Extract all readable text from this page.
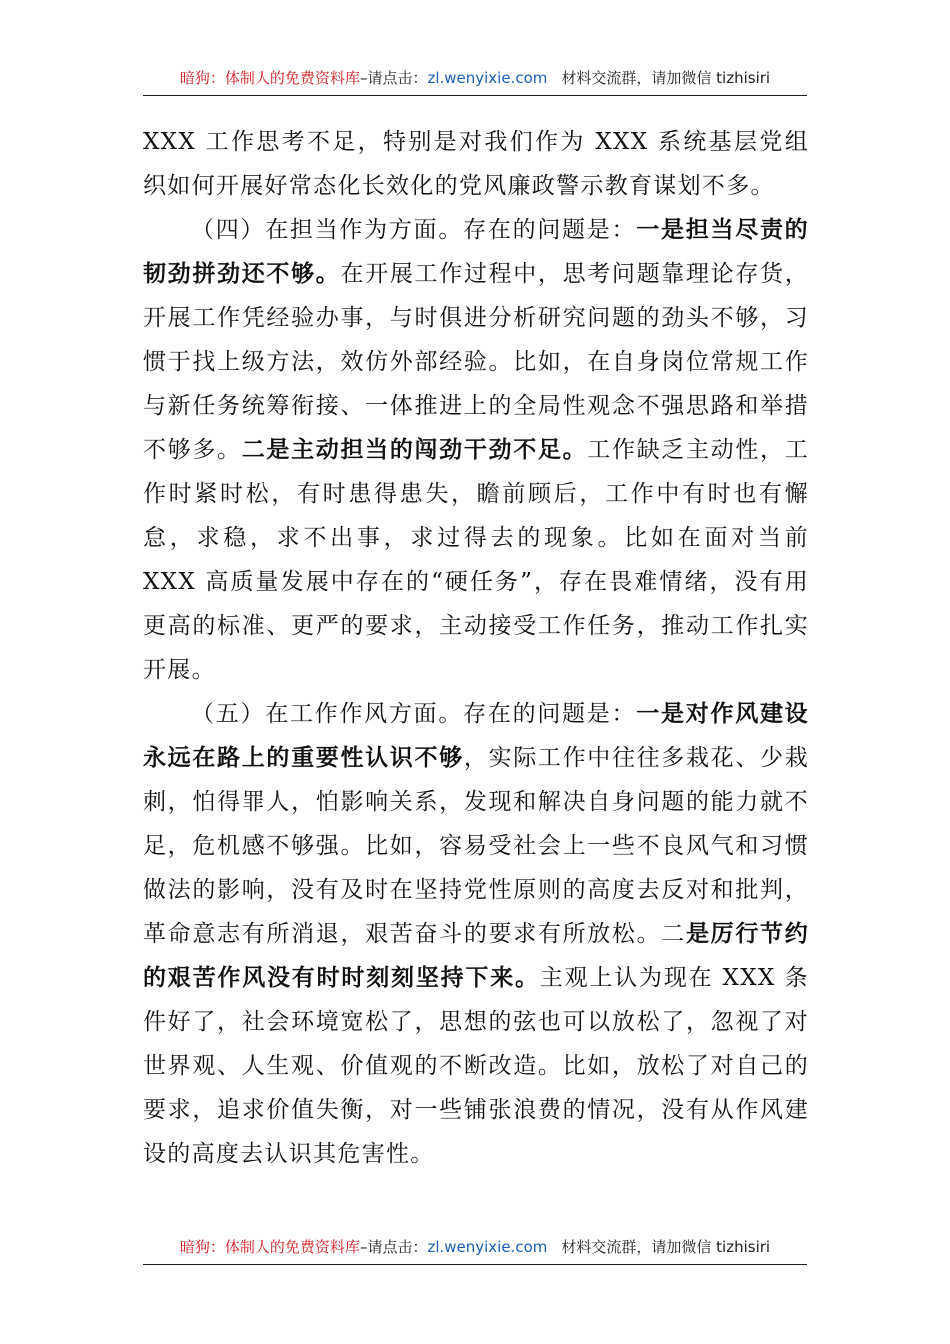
暗狗：体制人的免费资料库–请点击：zl.wenyixie.com 材料交流群，请加微信 tizhisiri

XXX 工作思考不足，特别是对我们作为 XXX 系统基层党组织如何开展好常态化长效化的党风廉政警示教育谋划不多。

（四）在担当作为方面。存在的问题是：一是担当尽责的韧劲拼劲还不够。在开展工作过程中，思考问题靠理论存货，开展工作凭经验办事，与时俱进分析研究问题的劲头不够，习惯于找上级方法，效仿外部经验。比如，在自身岗位常规工作与新任务统筹衔接、一体推进上的全局性观念不强思路和举措不够多。二是主动担当的闯劲干劲不足。工作缺乏主动性，工作时紧时松，有时患得患失，瞻前顾后，工作中有时也有懈怠，求稳，求不出事，求过得去的现象。比如在面对当前 XXX 高质量发展中存在的“硬任务”，存在畏难情绪，没有用更高的标准、更严的要求，主动接受工作任务，推动工作扎实开展。

（五）在工作作风方面。存在的问题是：一是对作风建设永远在路上的重要性认识不够，实际工作中往往多栽花、少栽刺，怕得罪人，怕影响关系，发现和解决自身问题的能力就不足，危机感不够强。比如，容易受社会上一些不良风气和习惯做法的影响，没有及时在坚持党性原则的高度去反对和批判，革命意志有所消退，艰苦奋斗的要求有所放松。二是厉行节约的艰苦作风没有时时刻刻坚持下来。主观上认为现在 XXX 条件好了，社会环境宽松了，思想的弦也可以放松了，忽视了对世界观、人生观、价值观的不断改造。比如，放松了对自己的要求，追求价值失衡，对一些铺张浪费的情况，没有从作风建设的高度去认识其危害性。

暗狗：体制人的免费资料库–请点击：zl.wenyixie.com 材料交流群，请加微信 tizhisiri
